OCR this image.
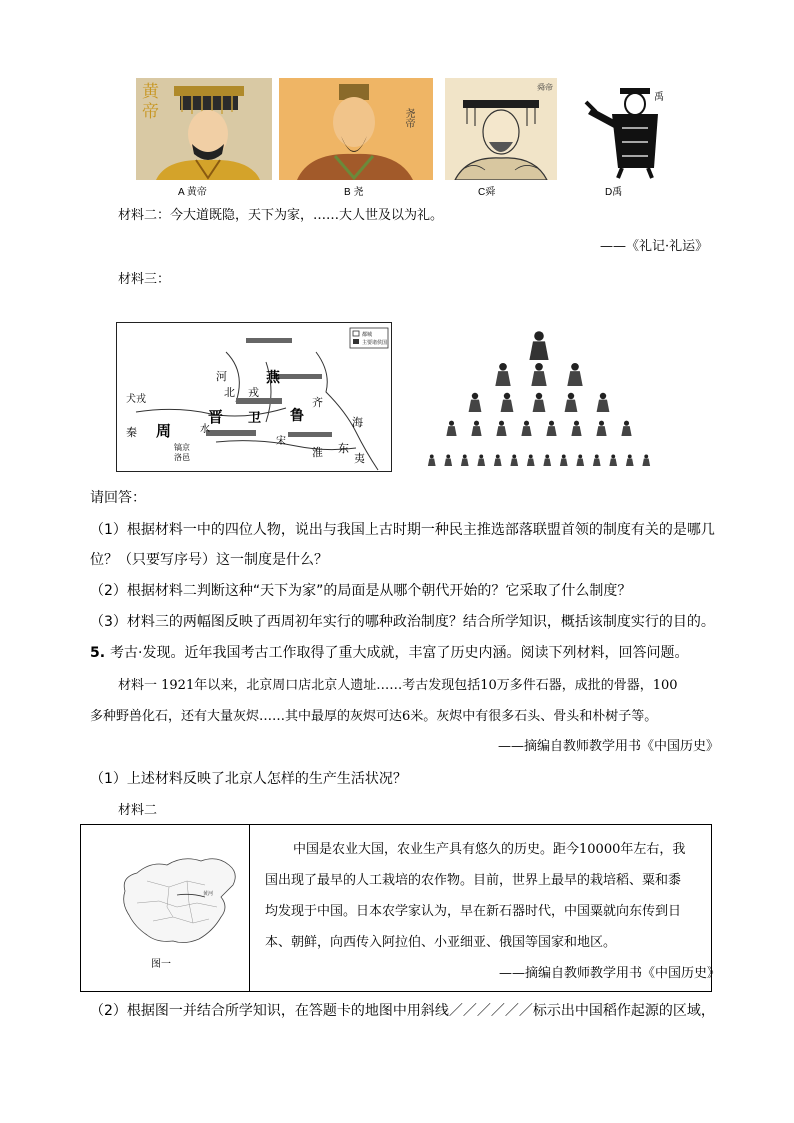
黄帝
A 黄帝
尧帝
B 尧
舜帝
C舜
禹
D禹
材料二：今大道既隐，天下为家，……大人世及以为礼。
——《礼记·礼运》
材料三：
都城
主要诸侯国
犬戎
河
北 戎
燕
晋 卫 鲁
齐
海
秦 周	水
淮
宋
东
夷
镐京
洛邑
请回答：
（1）根据材料一中的四位人物，说出与我国上古时期一种民主推选部落联盟首领的制度有关的是哪几
位？（只要写序号）这一制度是什么？
（2）根据材料二判断这种“天下为家”的局面是从哪个朝代开始的？它采取了什么制度？
（3）材料三的两幅图反映了西周初年实行的哪种政治制度？结合所学知识，概括该制度实行的目的。
5. 考古·发现。近年我国考古工作取得了重大成就，丰富了历史内涵。阅读下列材料，回答问题。
材料一 1921年以来，北京周口店北京人遗址……考古发现包括10万多件石器，成批的骨器，100
多种野兽化石，还有大量灰烬……其中最厚的灰烬可达6米。灰烬中有很多石头、骨头和朴树子等。
——摘编自教师教学用书《中国历史》
（1）上述材料反映了北京人怎样的生产生活状况？
材料二
黄河
图一
中国是农业大国，农业生产具有悠久的历史。距今10000年左右，我
国出现了最早的人工栽培的农作物。目前，世界上最早的栽培稻、粟和黍
均发现于中国。日本农学家认为，早在新石器时代，中国粟就向东传到日
本、朝鲜，向西传入阿拉伯、小亚细亚、俄国等国家和地区。
——摘编自教师教学用书《中国历史》
（2）根据图一并结合所学知识，在答题卡的地图中用斜线／／／／／／标示出中国稻作起源的区域，
